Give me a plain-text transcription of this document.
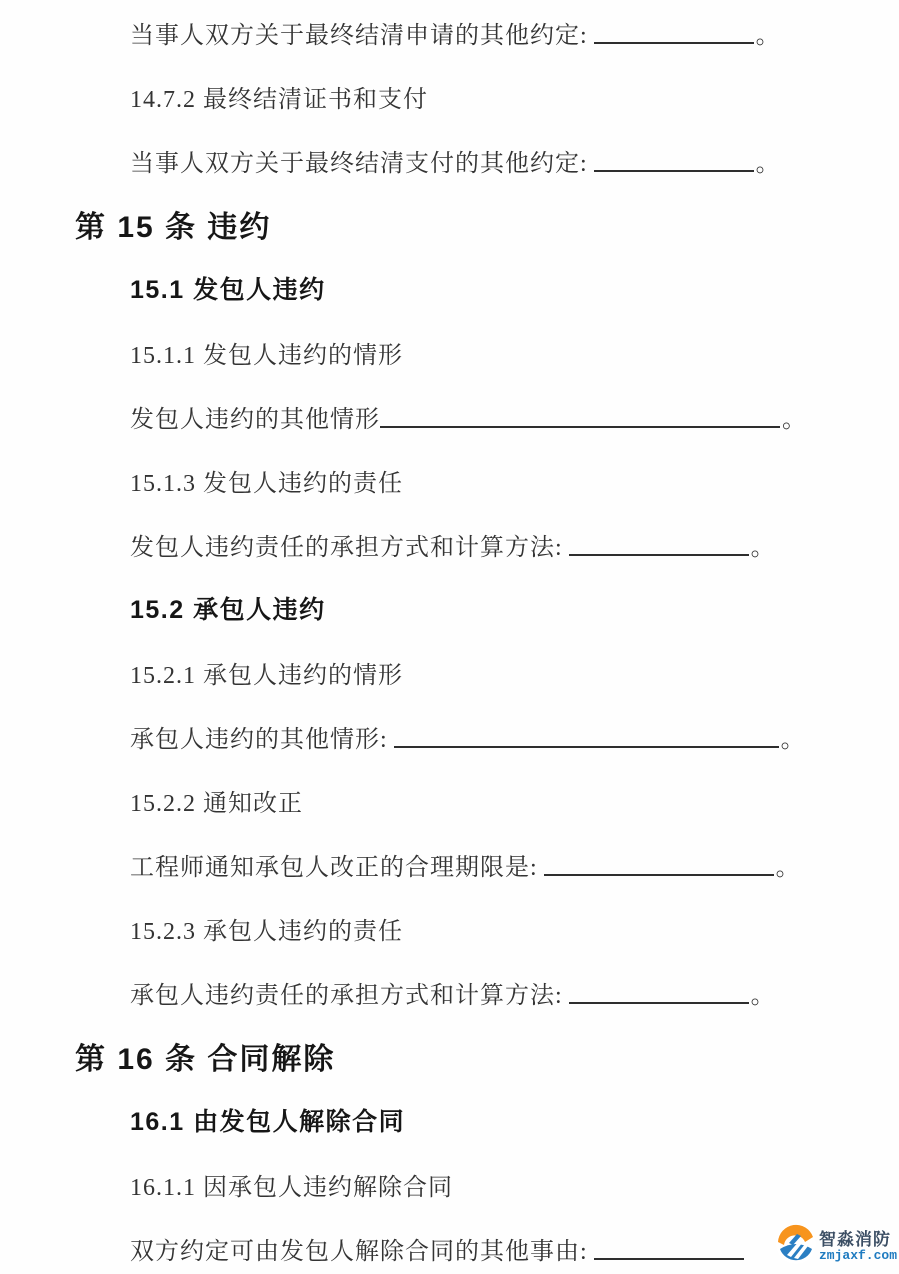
当事人双方关于最终结清申请的其他约定:	。
14.7.2 最终结清证书和支付
当事人双方关于最终结清支付的其他约定:	。
第 15 条 违约
15.1 发包人违约
15.1.1 发包人违约的情形
发包人违约的其他情形	。
15.1.3 发包人违约的责任
发包人违约责任的承担方式和计算方法:	。
15.2 承包人违约
15.2.1 承包人违约的情形
承包人违约的其他情形:	。
15.2.2 通知改正
工程师通知承包人改正的合理期限是:	。
15.2.3 承包人违约的责任
承包人违约责任的承担方式和计算方法:	。
第 16 条 合同解除
16.1 由发包人解除合同
16.1.1 因承包人违约解除合同
双方约定可由发包人解除合同的其他事由:	智淼消防
zmjaxf.com
